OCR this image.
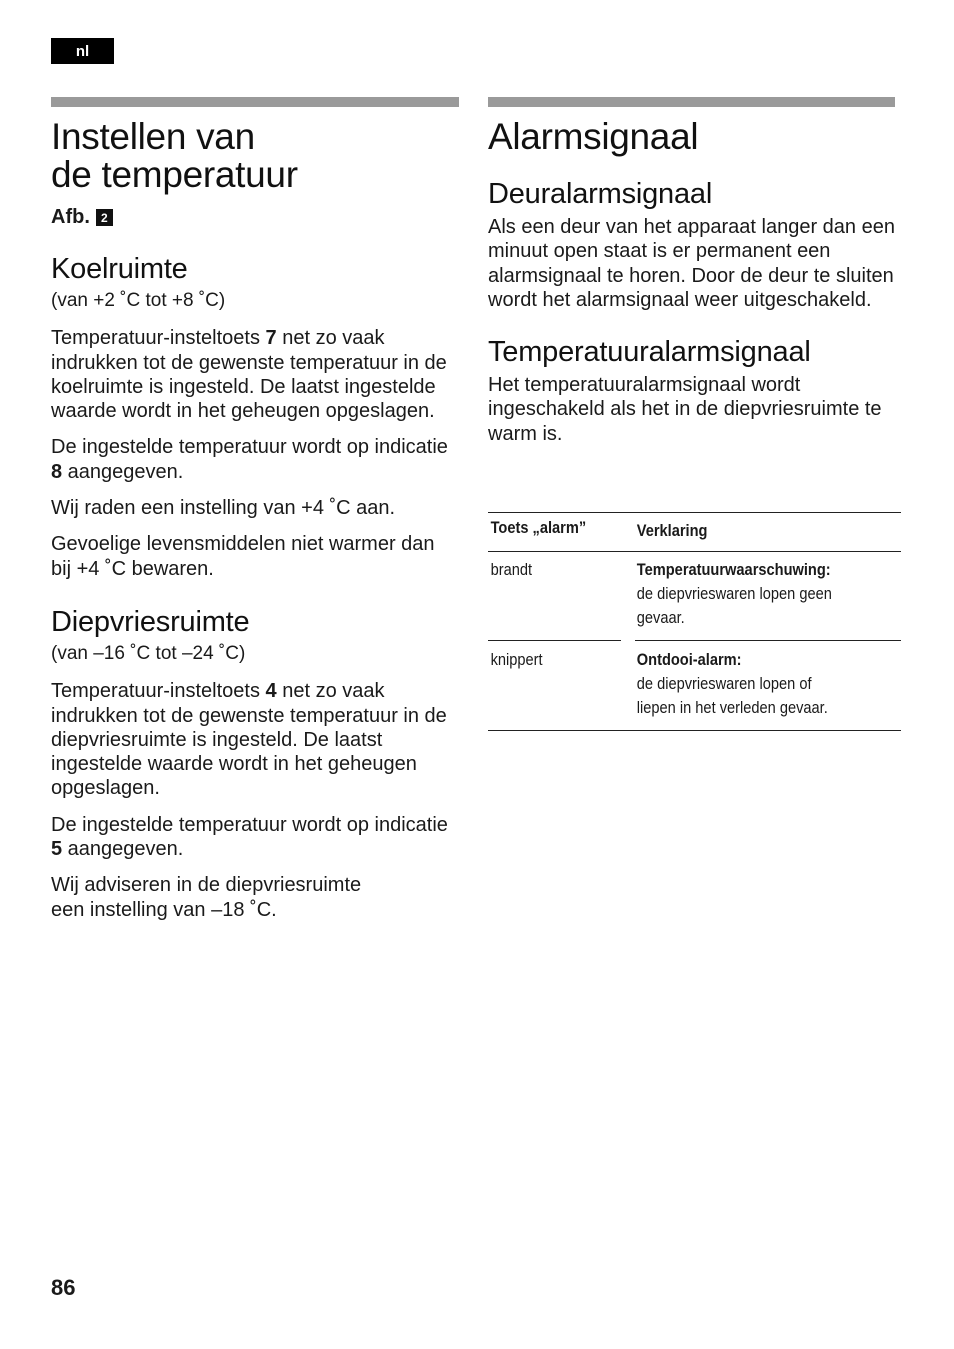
nl
Instellen van
de temperatuur
Afb. 2
Koelruimte

(van +2 ˚C tot +8 ˚C)

Temperatuur-insteltoets 7 net zo vaak indrukken tot de gewenste temperatuur in de koelruimte is ingesteld. De laatst ingestelde waarde wordt in het geheugen opgeslagen.

De ingestelde temperatuur wordt op indicatie 8 aangegeven.

Wij raden een instelling van +4 ˚C aan.

Gevoelige levensmiddelen niet warmer dan bij +4 ˚C bewaren.

Diepvriesruimte

(van –16 ˚C tot –24 ˚C)

Temperatuur-insteltoets 4 net zo vaak indrukken tot de gewenste temperatuur in de diepvriesruimte is ingesteld. De laatst ingestelde waarde wordt in het geheugen opgeslagen.

De ingestelde temperatuur wordt op indicatie 5 aangegeven.

Wij adviseren in de diepvriesruimte
een instelling van –18 ˚C.

Alarmsignaal
Deuralarmsignaal

Als een deur van het apparaat langer dan een minuut open staat is er permanent een alarmsignaal te horen. Door de deur te sluiten wordt het alarmsignaal weer uitgeschakeld.

Temperatuuralarmsignaal

Het temperatuuralarmsignaal wordt ingeschakeld als het in de diepvriesruimte te warm is.

Toets „alarm”	Verklaring
brandt	Temperatuurwaarschuwing:
de diepvrieswaren lopen geen
gevaar.
knippert	Ontdooi-alarm:
de diepvrieswaren lopen of
liepen in het verleden gevaar.
86
